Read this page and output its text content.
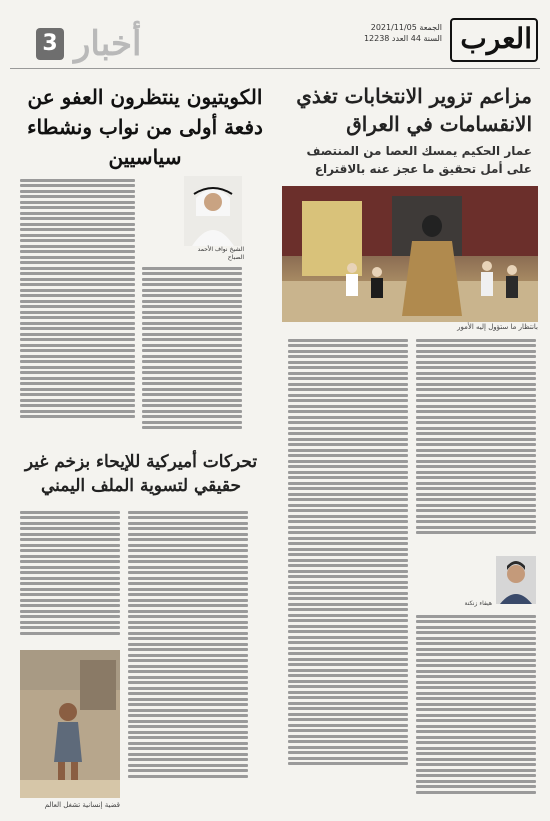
العرب
الجمعة 2021/11/05
السنة 44 العدد 12238
أخبار
3
مزاعم تزوير الانتخابات تغذي الانقسامات في العراق
عمار الحكيم يمسك العصا من المنتصف على أمل تحقيق ما عجز عنه بالاقتراع
بانتظار ما ستؤول إليه الأمور
هيفاء زنكنة
الكويتيون ينتظرون العفو عن دفعة أولى من نواب ونشطاء سياسيين
الشيخ نواف الأحمد الصباح
تحركات أميركية للإيحاء بزخم غير حقيقي لتسوية الملف اليمني
قضية إنسانية تشغل العالم
